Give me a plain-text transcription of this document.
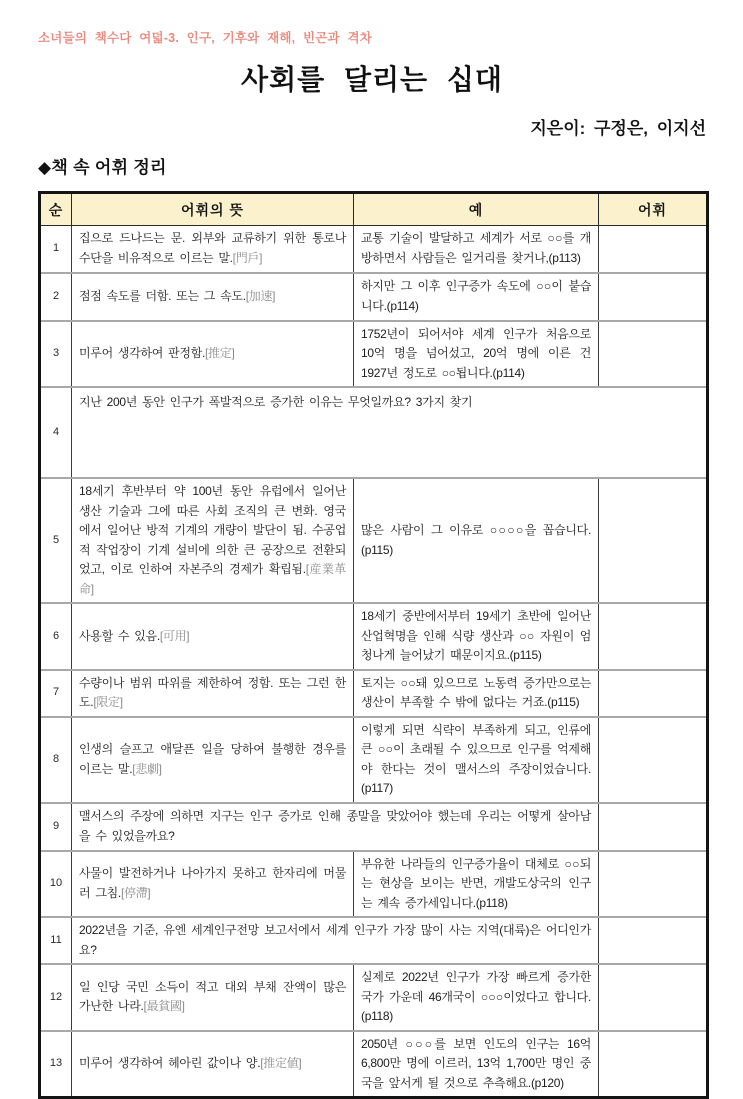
소녀들의 책수다 여덟-3. 인구, 기후와 재해, 빈곤과 격차
사회를 달리는 십대
지은이: 구정은, 이지선
◆책 속 어휘 정리
순	어휘의 뜻	예	어휘
1	집으로 드나드는 문. 외부와 교류하기 위한 통로나 수단을 비유적으로 이르는 말.[門戶]	교통 기술이 발달하고 세계가 서로 ○○를 개방하면서 사람들은 일거리를 찾거나,(p113)	
2	점점 속도를 더함. 또는 그 속도.[加速]	하지만 그 이후 인구증가 속도에 ○○이 붙습니다.(p114)	
3	미루어 생각하여 판정함.[推定]	1752년이 되어서야 세계 인구가 처음으로 10억 명을 넘어섰고, 20억 명에 이른 건 1927년 정도로 ○○됩니다.(p114)	
4	지난 200년 동안 인구가 폭발적으로 증가한 이유는 무엇일까요? 3가지 찾기		
5	18세기 후반부터 약 100년 동안 유럽에서 일어난 생산 기술과 그에 따른 사회 조직의 큰 변화. 영국에서 일어난 방적 기계의 개량이 발단이 됨. 수공업적 작업장이 기계 설비에 의한 큰 공장으로 전환되었고, 이로 인하여 자본주의 경제가 확립됨.[産業革命]	많은 사람이 그 이유로 ○○○○을 꼽습니다.(p115)	
6	사용할 수 있음.[可用]	18세기 중반에서부터 19세기 초반에 일어난 산업혁명을 인해 식량 생산과 ○○ 자원이 엄청나게 늘어났기 때문이지요.(p115)	
7	수량이나 범위 따위를 제한하여 정함. 또는 그런 한도.[限定]	토지는 ○○돼 있으므로 노동력 증가만으로는 생산이 부족할 수 밖에 없다는 거죠.(p115)	
8	인생의 슬프고 애달픈 일을 당하여 불행한 경우를 이르는 말.[悲劇]	이렇게 되면 식략이 부족하게 되고, 인류에 큰 ○○이 초래될 수 있으므로 인구를 억제해야 한다는 것이 맬서스의 주장이었습니다.(p117)	
9	맬서스의 주장에 의하면 지구는 인구 증가로 인해 종말을 맞았어야 했는데 우리는 어떻게 살아남을 수 있었을까요?		
10	사물이 발전하거나 나아가지 못하고 한자리에 머물러 그침.[停滯]	부유한 나라들의 인구증가율이 대체로 ○○되는 현상을 보이는 반면, 개발도상국의 인구는 계속 증가세입니다.(p118)	
11	2022년을 기준, 유엔 세계인구전망 보고서에서 세계 인구가 가장 많이 사는 지역(대륙)은 어디인가요?		
12	일 인당 국민 소득이 적고 대외 부채 잔액이 많은 가난한 나라.[最貧國]	실제로 2022년 인구가 가장 빠르게 증가한 국가 가운데 46개국이 ○○○이었다고 합니다.(p118)	
13	미루어 생각하여 헤아린 값이나 양.[推定値]	2050년 ○○○를 보면 인도의 인구는 16억 6,800만 명에 이르러, 13억 1,700만 명인 중국을 앞서게 될 것으로 추측해요.(p120)	
